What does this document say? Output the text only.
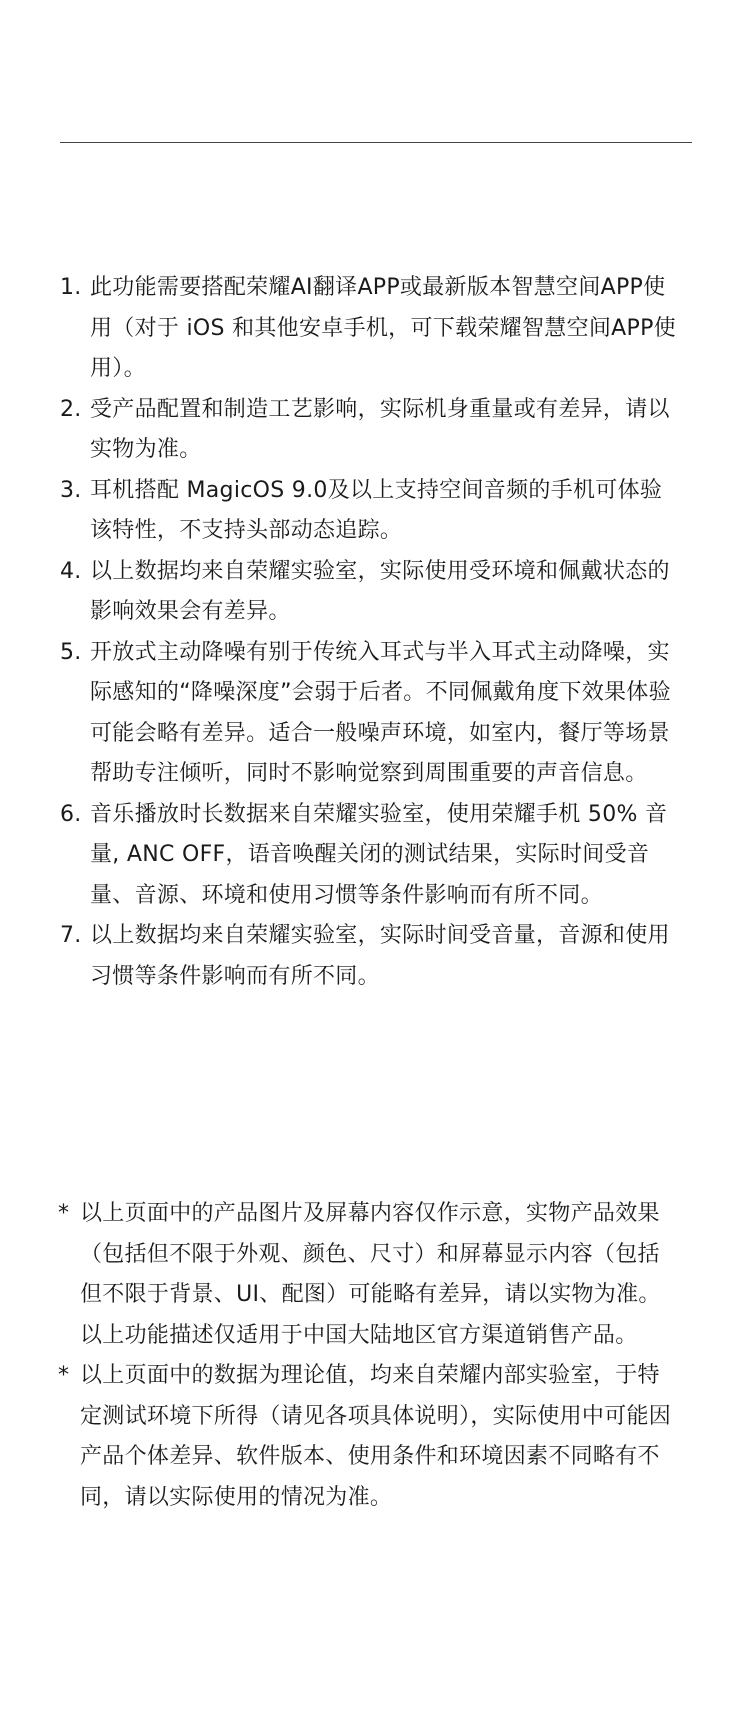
1. 此功能需要搭配荣耀AI翻译APP或最新版本智慧空间APP使用（对于 iOS 和其他安卓手机，可下载荣耀智慧空间APP使用）。
2. 受产品配置和制造工艺影响，实际机身重量或有差异，请以实物为准。
3. 耳机搭配 MagicOS 9.0及以上支持空间音频的手机可体验该特性，不支持头部动态追踪。
4. 以上数据均来自荣耀实验室，实际使用受环境和佩戴状态的影响效果会有差异。
5. 开放式主动降噪有别于传统入耳式与半入耳式主动降噪，实际感知的“降噪深度”会弱于后者。不同佩戴角度下效果体验可能会略有差异。适合一般噪声环境，如室内，餐厅等场景帮助专注倾听，同时不影响觉察到周围重要的声音信息。
6. 音乐播放时长数据来自荣耀实验室，使用荣耀手机 50% 音量, ANC OFF，语音唤醒关闭的测试结果，实际时间受音量、音源、环境和使用习惯等条件影响而有所不同。
7. 以上数据均来自荣耀实验室，实际时间受音量，音源和使用习惯等条件影响而有所不同。
* 以上页面中的产品图片及屏幕内容仅作示意，实物产品效果（包括但不限于外观、颜色、尺寸）和屏幕显示内容（包括但不限于背景、UI、配图）可能略有差异，请以实物为准。以上功能描述仅适用于中国大陆地区官方渠道销售产品。
* 以上页面中的数据为理论值，均来自荣耀内部实验室，于特定测试环境下所得（请见各项具体说明），实际使用中可能因产品个体差异、软件版本、使用条件和环境因素不同略有不同，请以实际使用的情况为准。
